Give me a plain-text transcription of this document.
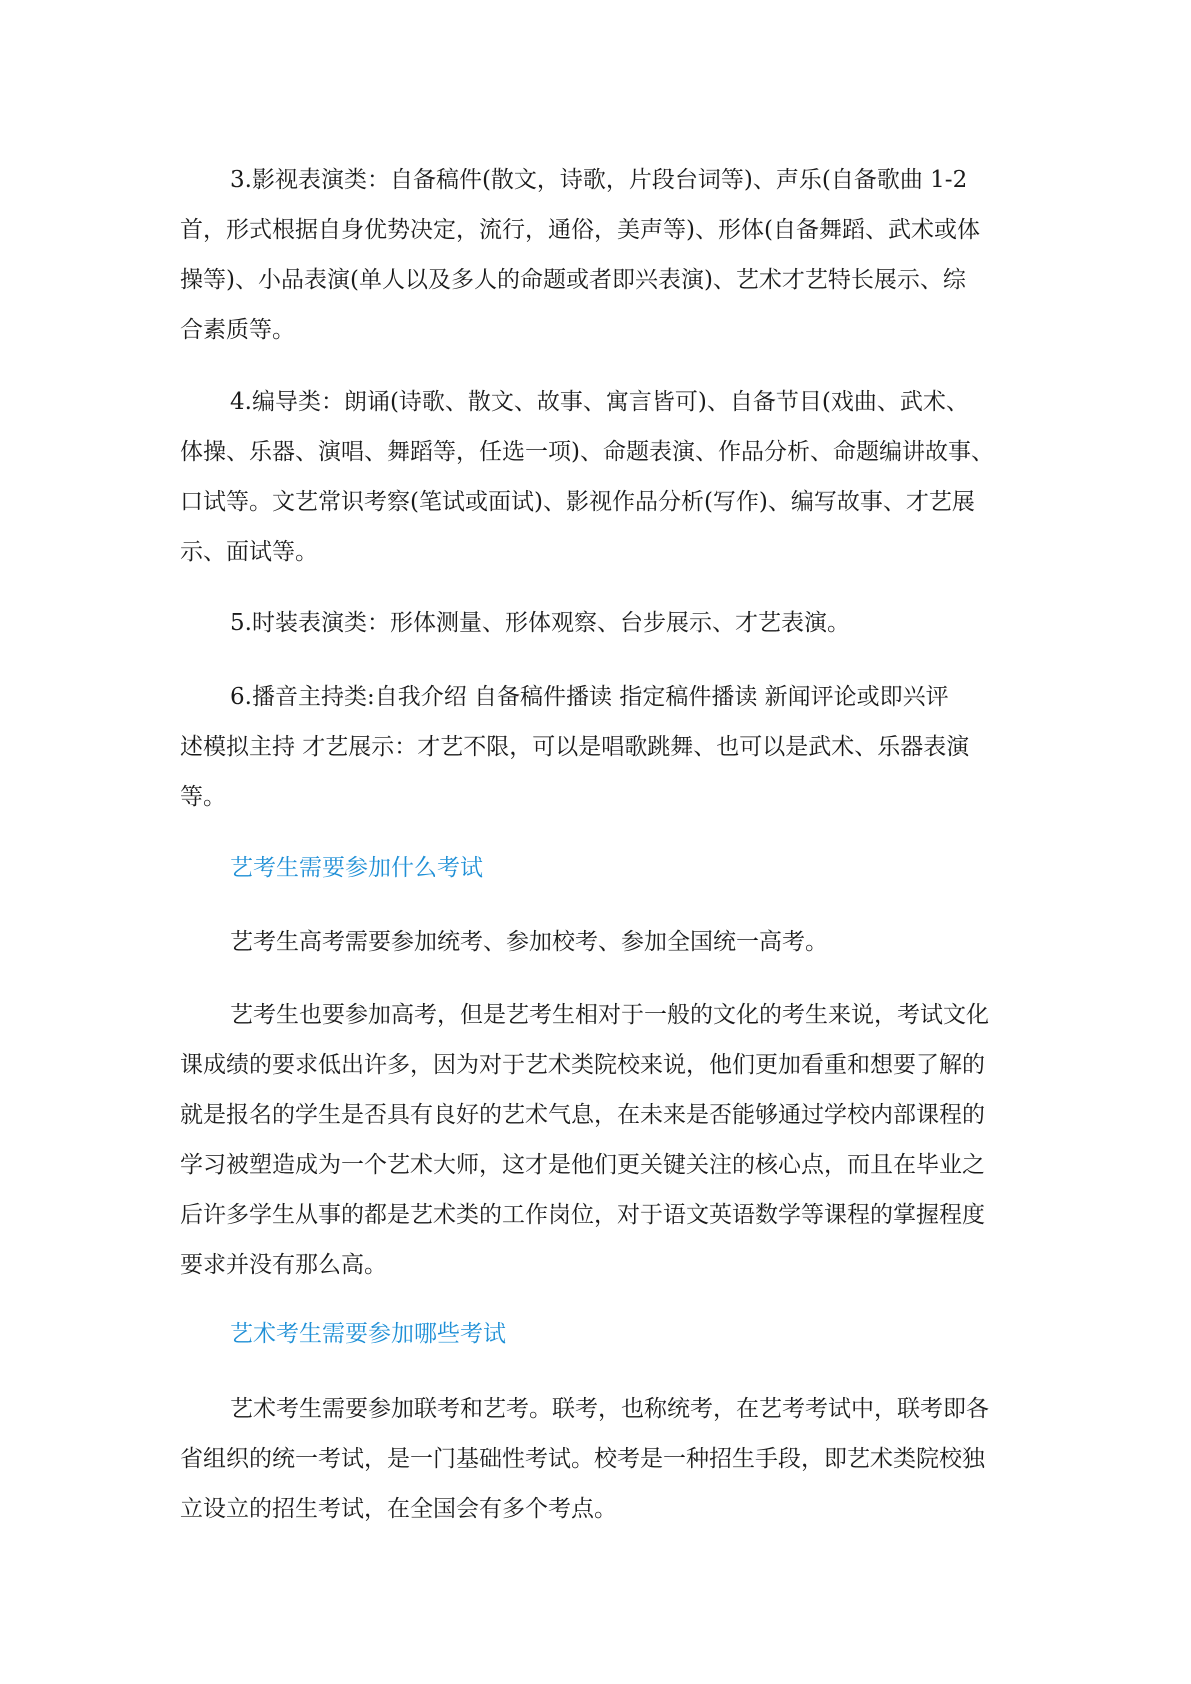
3.影视表演类：自备稿件(散文，诗歌，片段台词等)、声乐(自备歌曲 1-2
首，形式根据自身优势决定，流行，通俗，美声等)、形体(自备舞蹈、武术或体
操等)、小品表演(单人以及多人的命题或者即兴表演)、艺术才艺特长展示、综
合素质等。
4.编导类：朗诵(诗歌、散文、故事、寓言皆可)、自备节目(戏曲、武术、
体操、乐器、演唱、舞蹈等，任选一项)、命题表演、作品分析、命题编讲故事、
口试等。文艺常识考察(笔试或面试)、影视作品分析(写作)、编写故事、才艺展
示、面试等。
5.时装表演类：形体测量、形体观察、台步展示、才艺表演。
6.播音主持类:自我介绍 自备稿件播读 指定稿件播读 新闻评论或即兴评
述模拟主持 才艺展示：才艺不限，可以是唱歌跳舞、也可以是武术、乐器表演
等。
艺考生需要参加什么考试
艺考生高考需要参加统考、参加校考、参加全国统一高考。
艺考生也要参加高考，但是艺考生相对于一般的文化的考生来说，考试文化
课成绩的要求低出许多，因为对于艺术类院校来说，他们更加看重和想要了解的
就是报名的学生是否具有良好的艺术气息，在未来是否能够通过学校内部课程的
学习被塑造成为一个艺术大师，这才是他们更关键关注的核心点，而且在毕业之
后许多学生从事的都是艺术类的工作岗位，对于语文英语数学等课程的掌握程度
要求并没有那么高。
艺术考生需要参加哪些考试
艺术考生需要参加联考和艺考。联考，也称统考，在艺考考试中，联考即各
省组织的统一考试，是一门基础性考试。校考是一种招生手段，即艺术类院校独
立设立的招生考试，在全国会有多个考点。
